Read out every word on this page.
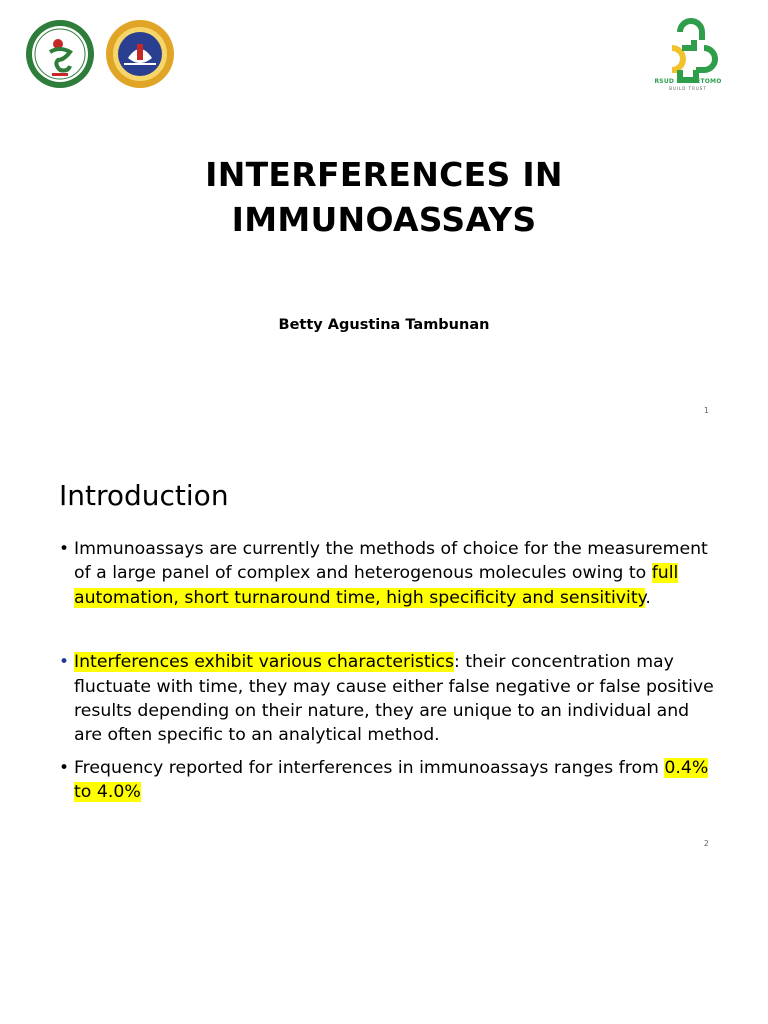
RSUD Dr.SOETOMO
BUILD TRUST
INTERFERENCES IN
IMMUNOASSAYS
Betty Agustina Tambunan
1
Introduction
• Immunoassays are currently the methods of choice for the measurement of a large panel of complex and heterogenous molecules owing to full automation, short turnaround time, high specificity and sensitivity.
• Interferences exhibit various characteristics: their concentration may fluctuate with time, they may cause either false negative or false positive results depending on their nature, they are unique to an individual and are often specific to an analytical method.
• Frequency reported for interferences in immunoassays ranges from 0.4% to 4.0%
2
